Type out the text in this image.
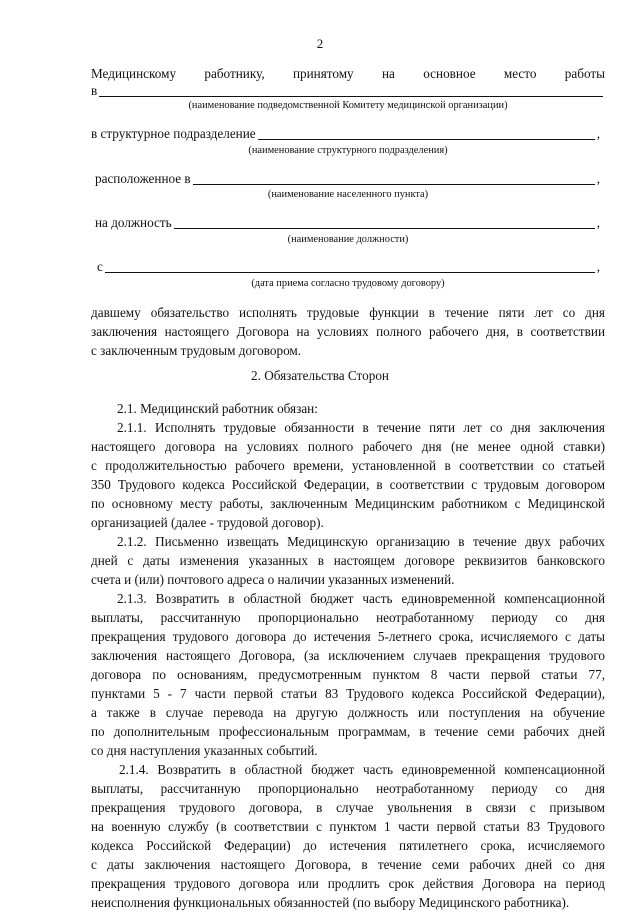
2
Медицинскому работнику, принятому на основное место работы
в
(наименование подведомственной Комитету медицинской организации)
в структурное подразделение	,
(наименование структурного подразделения)
расположенное в	,
(наименование населенного пункта)
на должность	,
(наименование должности)
с	,
(дата приема согласно трудовому договору)
давшему обязательство исполнять трудовые функции в течение пяти лет со дня
заключения настоящего Договора на условиях полного рабочего дня, в соответствии
с заключенным трудовым договором.
2. Обязательства Сторон
2.1. Медицинский работник обязан:
2.1.1. Исполнять трудовые обязанности в течение пяти лет со дня заключения
настоящего договора на условиях полного рабочего дня (не менее одной ставки)
с продолжительностью рабочего времени, установленной в соответствии со статьей
350 Трудового кодекса Российской Федерации, в соответствии с трудовым договором
по основному месту работы, заключенным Медицинским работником с Медицинской
организацией (далее - трудовой договор).
2.1.2. Письменно извещать Медицинскую организацию в течение двух рабочих
дней с даты изменения указанных в настоящем договоре реквизитов банковского
счета и (или) почтового адреса о наличии указанных изменений.
2.1.3. Возвратить в областной бюджет часть единовременной компенсационной
выплаты, рассчитанную пропорционально неотработанному периоду со дня
прекращения трудового договора до истечения 5-летнего срока, исчисляемого с даты
заключения настоящего Договора, (за исключением случаев прекращения трудового
договора по основаниям, предусмотренным пунктом 8 части первой статьи 77,
пунктами 5 - 7 части первой статьи 83 Трудового кодекса Российской Федерации),
а также в случае перевода на другую должность или поступления на обучение
по дополнительным профессиональным программам, в течение семи рабочих дней
со дня наступления указанных событий.
2.1.4. Возвратить в областной бюджет часть единовременной компенсационной
выплаты, рассчитанную пропорционально неотработанному периоду со дня
прекращения трудового договора, в случае увольнения в связи с призывом
на военную службу (в соответствии с пунктом 1 части первой статьи 83 Трудового
кодекса Российской Федерации) до истечения пятилетнего срока, исчисляемого
с даты заключения настоящего Договора, в течение семи рабочих дней со дня
прекращения трудового договора или продлить срок действия Договора на период
неисполнения функциональных обязанностей (по выбору Медицинского работника).
